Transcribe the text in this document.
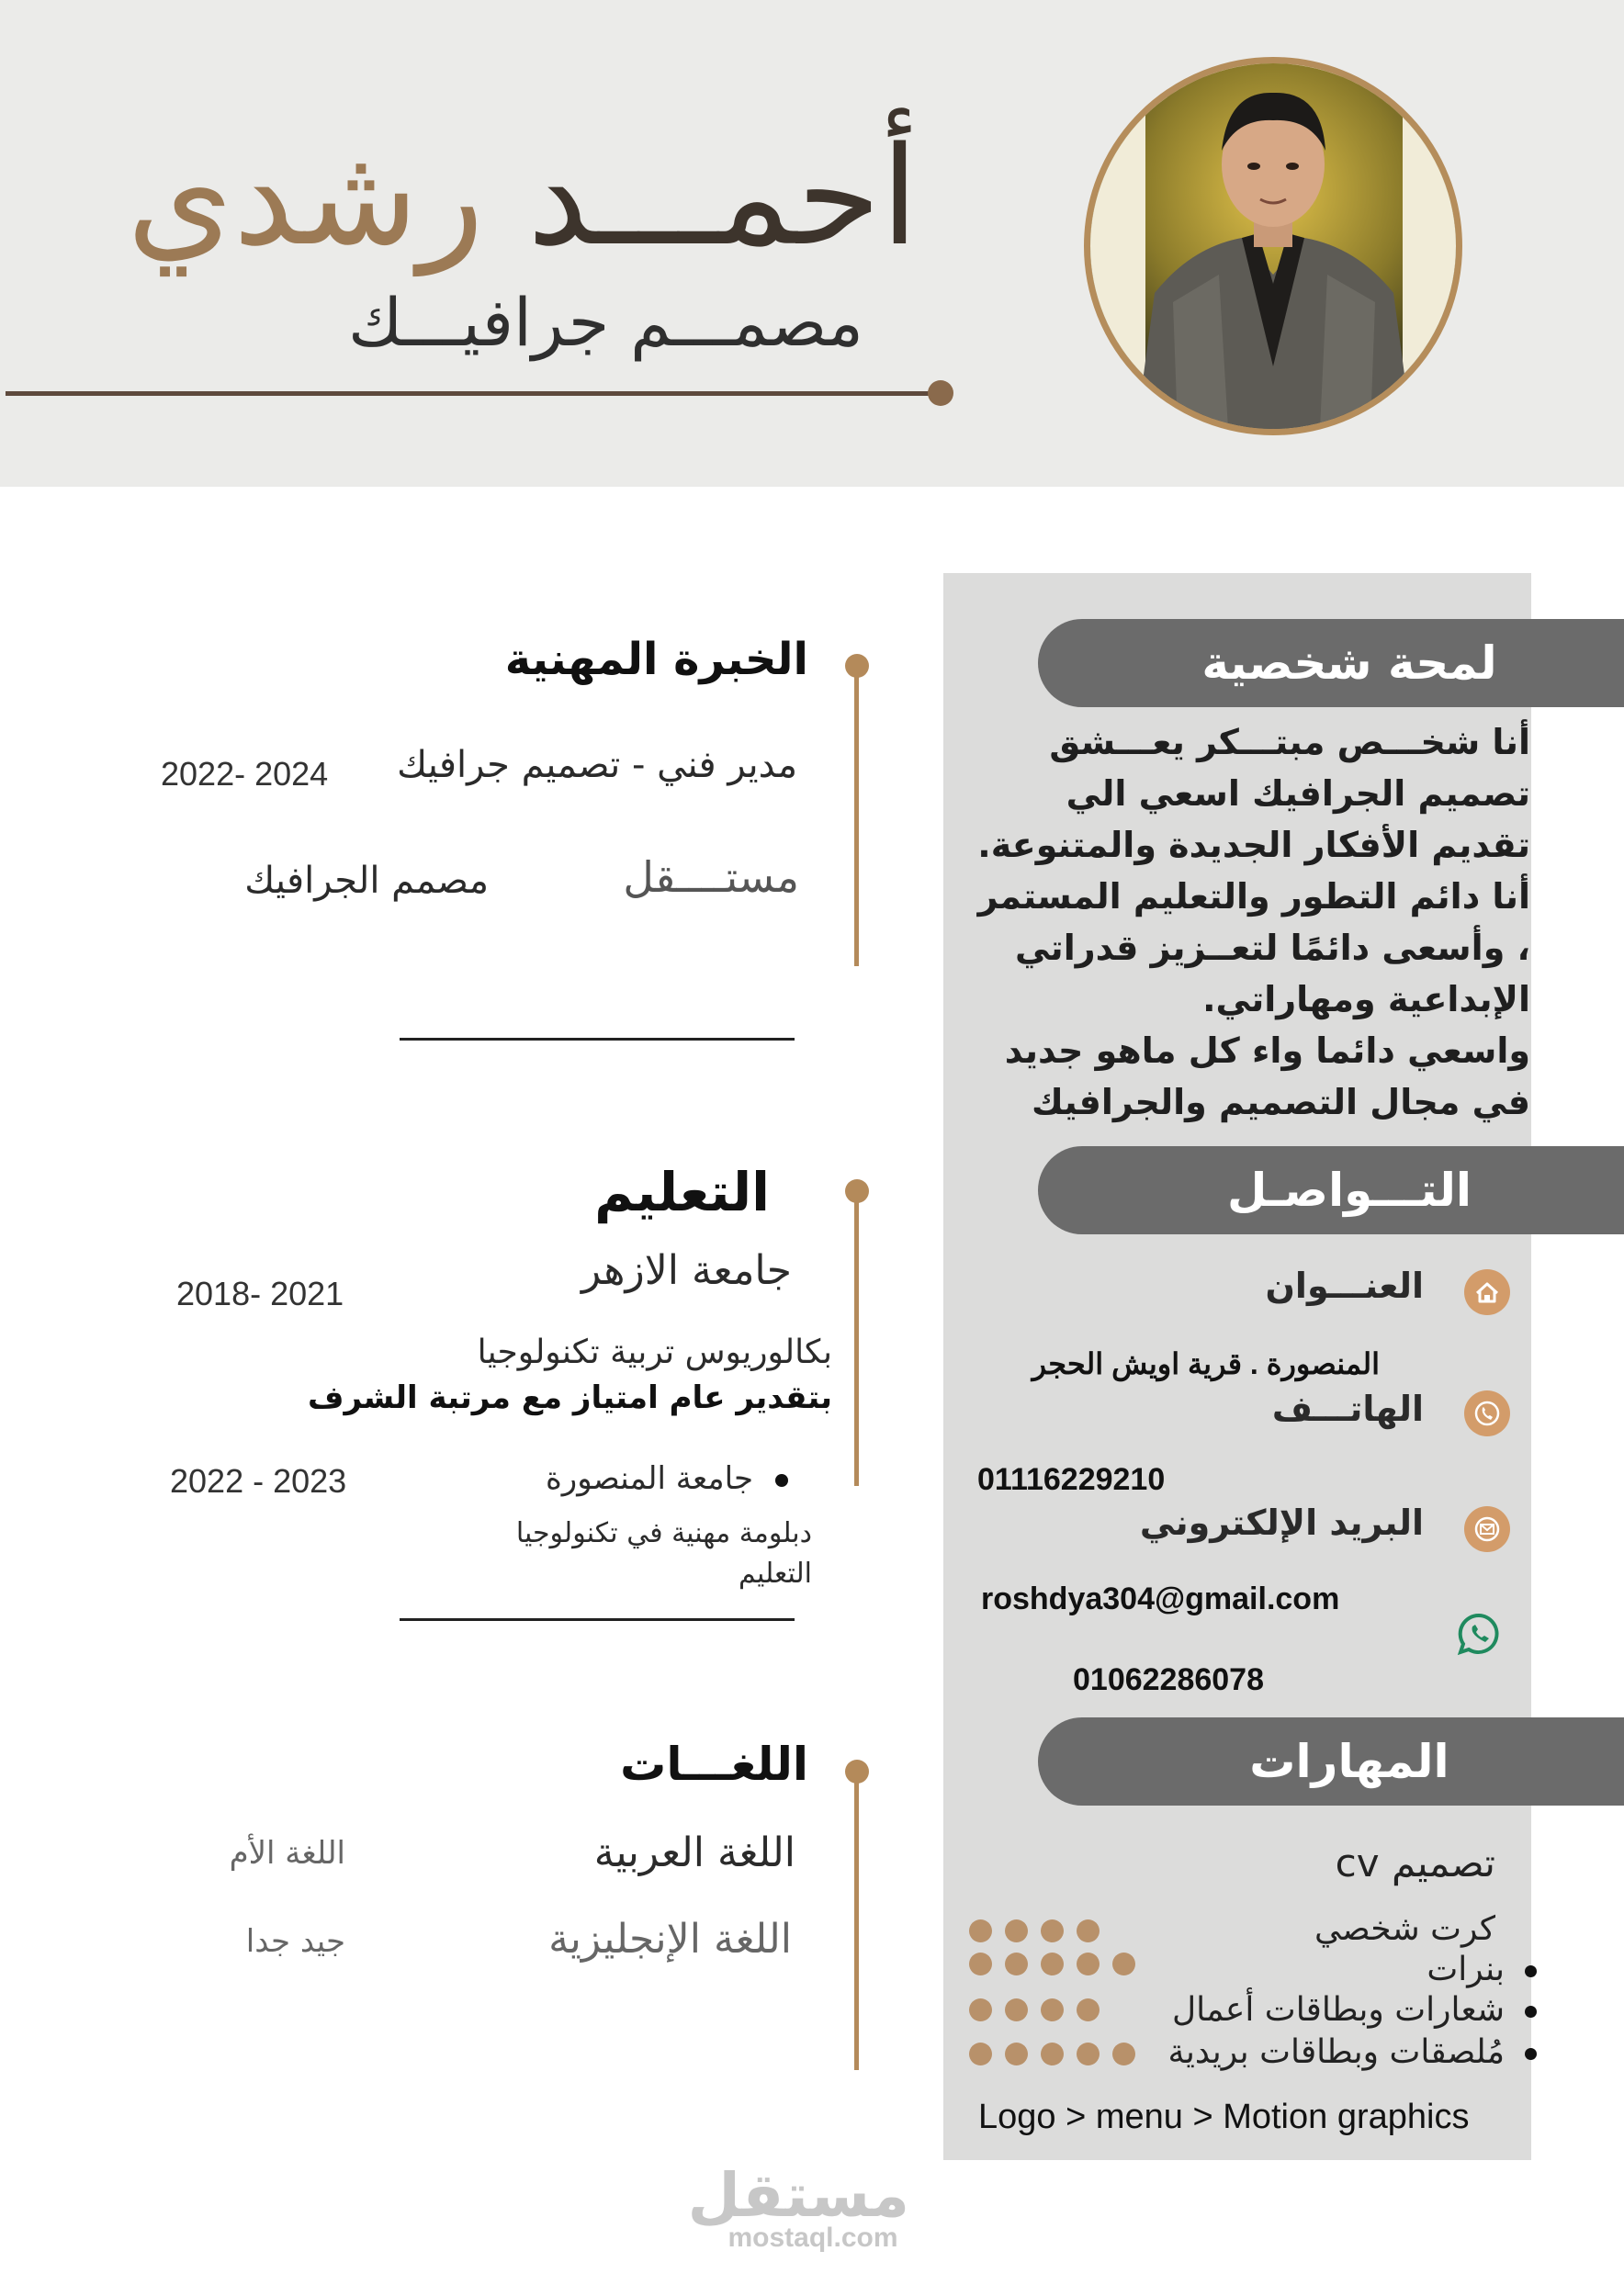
أحمـــد رشدي
مصمـــم جرافيـــك
لمحة شخصية
أنا شخـــص مبتـــكر يعـــشق
تصميم الجرافيك اسعي الي
تقديم الأفكار الجديدة والمتنوعة.
أنا دائم التطور والتعليم المستمر
، وأسعى دائمًا لتعــزيز قدراتي
الإبداعية ومهاراتي.
واسعي دائما واء كل ماهو جديد
في مجال التصميم والجرافيك
التـــواصـل
العنـــوان
المنصورة . قرية اويش الحجر
الهاتـــف
01116229210
البريد الإلكتروني
roshdya304@gmail.com
01062286078
المهارات
تصميم cv
كرت شخصي
بنرات
شعارات وبطاقات أعمال
مُلصقات وبطاقات بريدية
Logo > menu > Motion graphics
الخبرة المهنية
مدير فني - تصميم جرافيك
2022- 2024
مستــــقل
مصمم الجرافيك
التعليم
جامعة الازهر
2018- 2021
بكالوريوس تربية تكنولوجيا
بتقدير عام امتياز مع مرتبة الشرف
جامعة المنصورة
2022 - 2023
دبلومة مهنية في تكنولوجيا
التعليم
اللغـــات
اللغة العربية
اللغة الأم
اللغة الإنجليزية
جيد جدا
مستقل
mostaql.com
